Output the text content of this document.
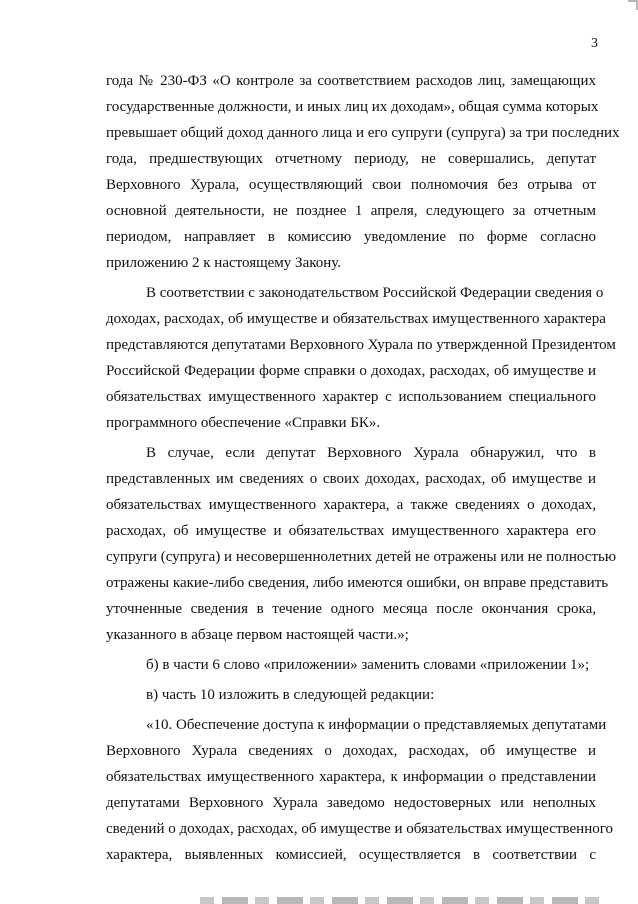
3
года № 230-ФЗ «О контроле за соответствием расходов лиц, замещающих
государственные должности, и иных лиц их доходам», общая сумма которых
превышает общий доход данного лица и его супруги (супруга) за три последних
года, предшествующих отчетному периоду, не совершались, депутат
Верховного Хурала, осуществляющий свои полномочия без отрыва от
основной деятельности, не позднее 1 апреля, следующего за отчетным
периодом, направляет в комиссию уведомление по форме согласно
приложению 2 к настоящему Закону.
В соответствии с законодательством Российской Федерации сведения о
доходах, расходах, об имуществе и обязательствах имущественного характера
представляются депутатами Верховного Хурала по утвержденной Президентом
Российской Федерации форме справки о доходах, расходах, об имуществе и
обязательствах имущественного характер с использованием специального
программного обеспечение «Справки БК».
В случае, если депутат Верховного Хурала обнаружил, что в
представленных им сведениях о своих доходах, расходах, об имуществе и
обязательствах имущественного характера, а также сведениях о доходах,
расходах, об имуществе и обязательствах имущественного характера его
супруги (супруга) и несовершеннолетних детей не отражены или не полностью
отражены какие-либо сведения, либо имеются ошибки, он вправе представить
уточненные сведения в течение одного месяца после окончания срока,
указанного в абзаце первом настоящей части.»;
б) в части 6 слово «приложении» заменить словами «приложении 1»;
в) часть 10 изложить в следующей редакции:
«10. Обеспечение доступа к информации о представляемых депутатами
Верховного Хурала сведениях о доходах, расходах, об имуществе и
обязательствах имущественного характера, к информации о представлении
депутатами Верховного Хурала заведомо недостоверных или неполных
сведений о доходах, расходах, об имуществе и обязательствах имущественного
характера, выявленных комиссией, осуществляется в соответствии с
